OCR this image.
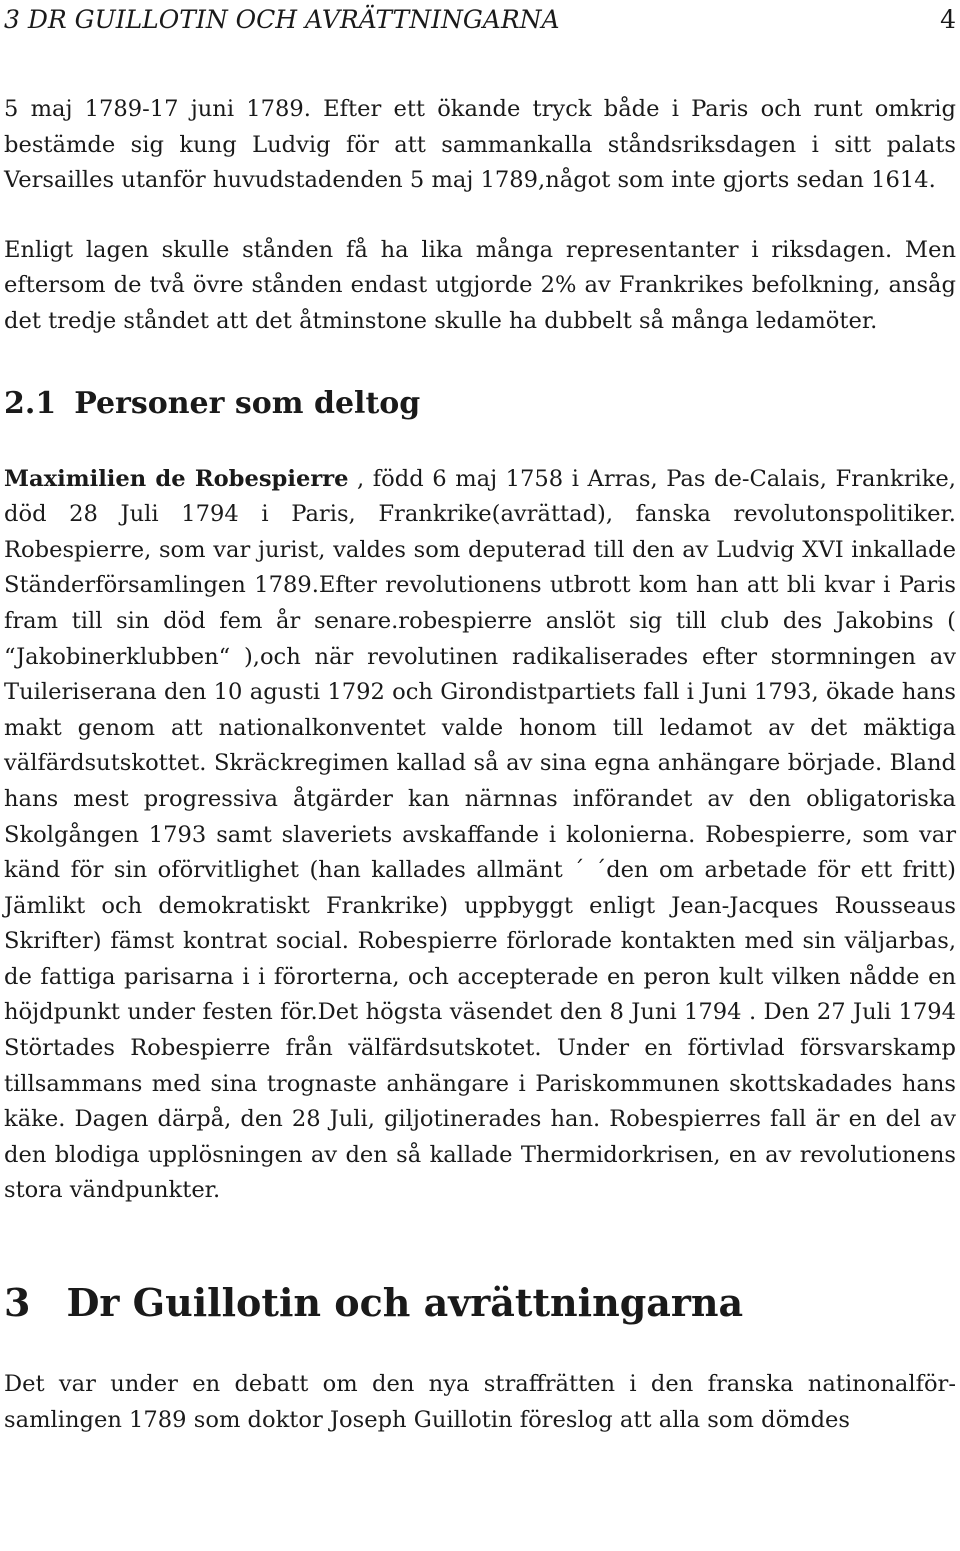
3 DR GUILLOTIN OCH AVRÄTTNINGARNA	4

5 maj 1789-17 juni 1789. Efter ett ökande tryck både i Paris och runt omkrig bestämde sig kung Ludvig för att sammankalla ståndsriksdagen i sitt palats Versailles utanför huvudstadenden 5 maj 1789,något som inte gjorts sedan 1614.

Enligt lagen skulle stånden få ha lika många representanter i riksdagen. Men eftersom de två övre stånden endast utgjorde 2% av Frankrikes befolkning, ansåg det tredje ståndet att det åtminstone skulle ha dubbelt så många ledamöter.

2.1 Personer som deltog

Maximilien de Robespierre , född 6 maj 1758 i Arras, Pas de-Calais, Frankrike, död 28 Juli 1794 i Paris, Frankrike(avrättad), fanska revolutonspolitiker. Robespierre, som var jurist, valdes som deputerad till den av Ludvig XVI inkallade Ständerförsamlingen 1789.Efter revolutionens utbrott kom han att bli kvar i Paris fram till sin död fem år senare.robespierre anslöt sig till club des Jakobins ( “Jakobinerklubben“ ),och när revolutinen radikaliserades efter stormningen av Tuileriserana den 10 agusti 1792 och Girondistpartiets fall i Juni 1793, ökade hans makt genom att nationalkonventet valde honom till ledamot av det mäktiga välfärdsutskottet. Skräckregimen kallad så av sina egna anhängare började. Bland hans mest progressiva åtgärder kan närnnas införandet av den obligatoriska Skolgången 1793 samt slaveriets avskaffande i kolonierna. Robespierre, som var känd för sin oförvitlighet (han kallades allmänt ´ ´den om arbetade för ett fritt) Jämlikt och demokratiskt Frankrike) uppbyggt enligt Jean-Jacques Rousseaus Skrifter) fämst kontrat social. Robespierre förlorade kontakten med sin väljarbas, de fattiga parisarna i i förorterna, och accepterade en peron kult vilken nådde en höjdpunkt under festen för.Det högsta väsendet den 8 Juni 1794 . Den 27 Juli 1794 Störtades Robespierre från välfärdsutskotet. Under en förtivlad försvarskamp tillsammans med sina trognaste anhängare i Pariskommunen skottskadades hans käke. Dagen därpå, den 28 Juli, giljotinerades han. Robespierres fall är en del av den blodiga upplösningen av den så kallade Thermidorkrisen, en av revolutionens stora vändpunkter.

3 Dr Guillotin och avrättningarna

Det var under en debatt om den nya straffrätten i den franska natinonalförsamlingen 1789 som doktor Joseph Guillotin föreslog att alla som dömdes
